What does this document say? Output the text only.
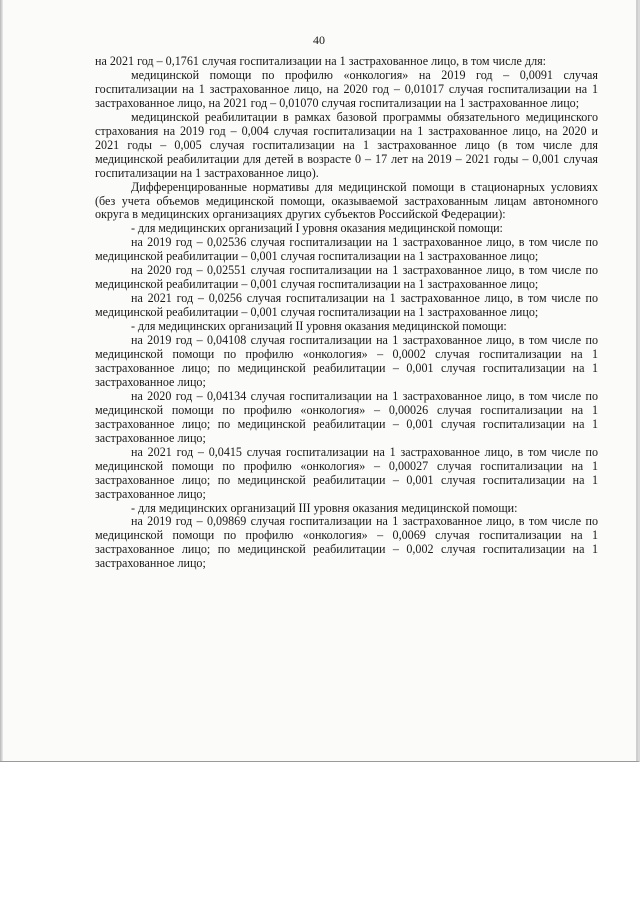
40

на 2021 год – 0,1761 случая госпитализации на 1 застрахованное лицо, в том числе для:

медицинской помощи по профилю «онкология» на 2019 год – 0,0091 случая госпитализации на 1 застрахованное лицо, на 2020 год – 0,01017 случая госпитализации на 1 застрахованное лицо, на 2021 год – 0,01070 случая госпитализации на 1 застрахованное лицо;

медицинской реабилитации в рамках базовой программы обязательного медицинского страхования на 2019 год – 0,004 случая госпитализации на 1 застрахованное лицо, на 2020 и 2021 годы – 0,005 случая госпитализации на 1 застрахованное лицо (в том числе для медицинской реабилитации для детей в возрасте 0 – 17 лет на 2019 – 2021 годы – 0,001 случая госпитализации на 1 застрахованное лицо).

Дифференцированные нормативы для медицинской помощи в стационарных условиях (без учета объемов медицинской помощи, оказываемой застрахованным лицам автономного округа в медицинских организациях других субъектов Российской Федерации):

- для медицинских организаций I уровня оказания медицинской помощи:

на 2019 год – 0,02536 случая госпитализации на 1 застрахованное лицо, в том числе по медицинской реабилитации – 0,001 случая госпитализации на 1 застрахованное лицо;

на 2020 год – 0,02551 случая госпитализации на 1 застрахованное лицо, в том числе по медицинской реабилитации – 0,001 случая госпитализации на 1 застрахованное лицо;

на 2021 год – 0,0256 случая госпитализации на 1 застрахованное лицо, в том числе по медицинской реабилитации – 0,001 случая госпитализации на 1 застрахованное лицо;

- для медицинских организаций II уровня оказания медицинской помощи:

на 2019 год – 0,04108 случая госпитализации на 1 застрахованное лицо, в том числе по медицинской помощи по профилю «онкология» – 0,0002 случая госпитализации на 1 застрахованное лицо; по медицинской реабилитации – 0,001 случая госпитализации на 1 застрахованное лицо;

на 2020 год – 0,04134 случая госпитализации на 1 застрахованное лицо, в том числе по медицинской помощи по профилю «онкология» – 0,00026 случая госпитализации на 1 застрахованное лицо; по медицинской реабилитации – 0,001 случая госпитализации на 1 застрахованное лицо;

на 2021 год – 0,0415 случая госпитализации на 1 застрахованное лицо, в том числе по медицинской помощи по профилю «онкология» – 0,00027 случая госпитализации на 1 застрахованное лицо; по медицинской реабилитации – 0,001 случая госпитализации на 1 застрахованное лицо;

- для медицинских организаций III уровня оказания медицинской помощи:

на 2019 год – 0,09869 случая госпитализации на 1 застрахованное лицо, в том числе по медицинской помощи по профилю «онкология» – 0,0069 случая госпитализации на 1 застрахованное лицо; по медицинской реабилитации – 0,002 случая госпитализации на 1 застрахованное лицо;
